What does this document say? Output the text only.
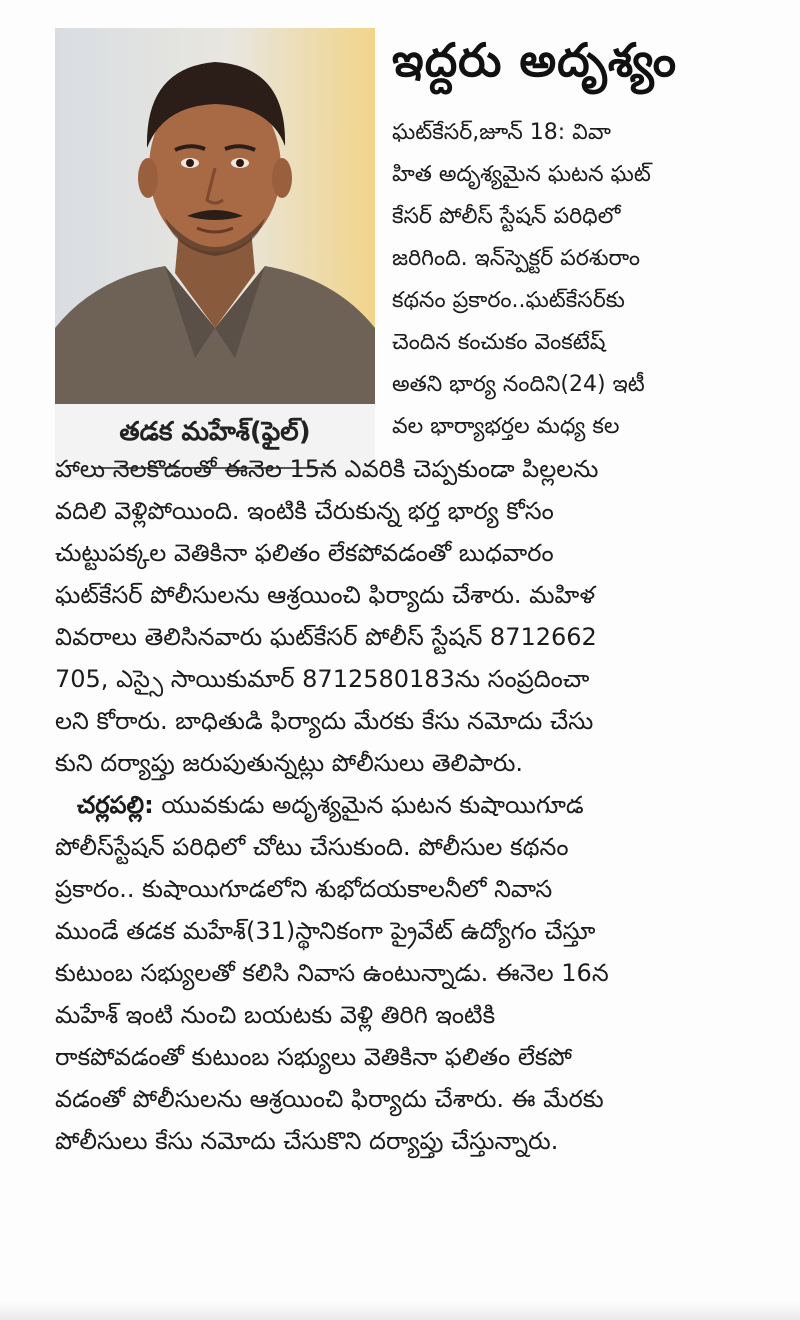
ఇద్దరు అదృశ్యం
తడక మహేశ్(ఫైల్)
ఘట్‌కేసర్,జూన్ 18: వివా
హిత అదృశ్యమైన ఘటన ఘట్
కేసర్ పోలీస్ స్టేషన్ పరిధిలో
జరిగింది. ఇన్‌స్పెక్టర్ పరశురాం
కథనం ప్రకారం..ఘట్‌కేసర్‌కు
చెందిన కంచుకం వెంకటేష్
అతని భార్య నందిని(24) ఇటీ
వల భార్యాభర్తల మధ్య కల
హాలు నెలకొడంతో ఈనెల 15న ఎవరికి చెప్పకుండా పిల్లలను
వదిలి వెళ్లిపోయింది. ఇంటికి చేరుకున్న భర్త భార్య కోసం
చుట్టుపక్కల వెతికినా ఫలితం లేకపోవడంతో బుధవారం
ఘట్‌కేసర్ పోలీసులను ఆశ్రయించి ఫిర్యాదు చేశారు. మహిళ
వివరాలు తెలిసినవారు ఘట్‌కేసర్ పోలీస్ స్టేషన్ 8712662
705, ఎస్సై సాయికుమార్ 8712580183ను సంప్రదించా
లని కోరారు. బాధితుడి ఫిర్యాదు మేరకు కేసు నమోదు చేసు
కుని దర్యాప్తు జరుపుతున్నట్లు పోలీసులు తెలిపారు.
చర్లపల్లి: యువకుడు అదృశ్యమైన ఘటన కుషాయిగూడ
పోలీస్‌స్టేషన్ పరిధిలో చోటు చేసుకుంది. పోలీసుల కథనం
ప్రకారం.. కుషాయిగూడలోని శుభోదయకాలనీలో నివాస
ముండే తడక మహేశ్(31)స్థానికంగా ప్రైవేట్ ఉద్యోగం చేస్తూ
కుటుంబ సభ్యులతో కలిసి నివాస ఉంటున్నాడు. ఈనెల 16న
మహేశ్ ఇంటి నుంచి బయటకు వెళ్లి తిరిగి ఇంటికి
రాకపోవడంతో కుటుంబ సభ్యులు వెతికినా ఫలితం లేకపో
వడంతో పోలీసులను ఆశ్రయించి ఫిర్యాదు చేశారు. ఈ మేరకు
పోలీసులు కేసు నమోదు చేసుకొని దర్యాప్తు చేస్తున్నారు.
